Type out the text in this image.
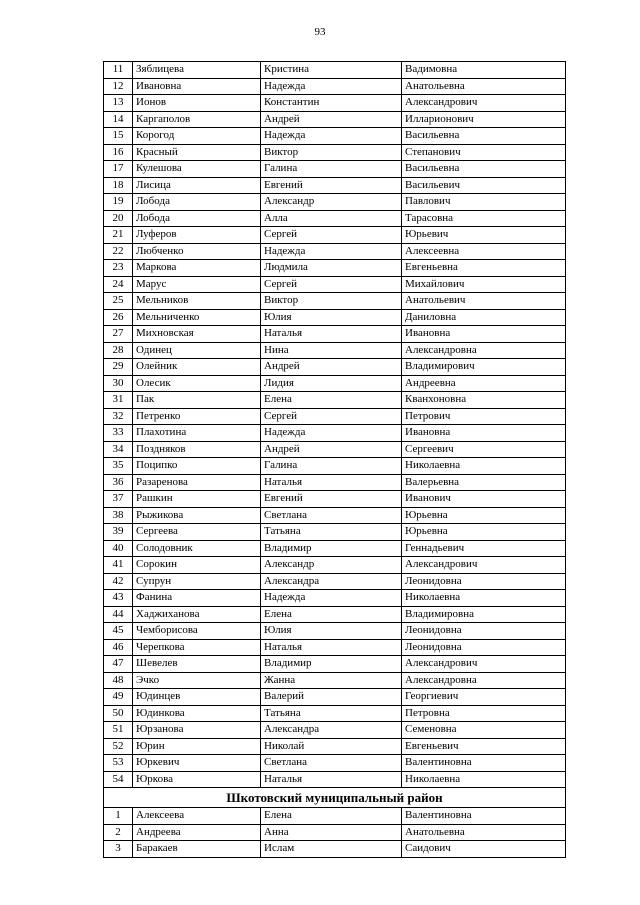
93
11	Зяблицева	Кристина	Вадимовна
12	Ивановна	Надежда	Анатольевна
13	Ионов	Константин	Александрович
14	Каргаполов	Андрей	Илларионович
15	Корогод	Надежда	Васильевна
16	Красный	Виктор	Степанович
17	Кулешова	Галина	Васильевна
18	Лисица	Евгений	Васильевич
19	Лобода	Александр	Павлович
20	Лобода	Алла	Тарасовна
21	Луферов	Сергей	Юрьевич
22	Любченко	Надежда	Алексеевна
23	Маркова	Людмила	Евгеньевна
24	Марус	Сергей	Михайлович
25	Мельников	Виктор	Анатольевич
26	Мельниченко	Юлия	Даниловна
27	Михновская	Наталья	Ивановна
28	Одинец	Нина	Александровна
29	Олейник	Андрей	Владимирович
30	Олесик	Лидия	Андреевна
31	Пак	Елена	Кванхоновна
32	Петренко	Сергей	Петрович
33	Плахотина	Надежда	Ивановна
34	Поздняков	Андрей	Сергеевич
35	Поципко	Галина	Николаевна
36	Разаренова	Наталья	Валерьевна
37	Рашкин	Евгений	Иванович
38	Рыжикова	Светлана	Юрьевна
39	Сергеева	Татьяна	Юрьевна
40	Солодовник	Владимир	Геннадьевич
41	Сорокин	Александр	Александрович
42	Супрун	Александра	Леонидовна
43	Фанина	Надежда	Николаевна
44	Хаджиханова	Елена	Владимировна
45	Чемборисова	Юлия	Леонидовна
46	Черепкова	Наталья	Леонидовна
47	Шевелев	Владимир	Александрович
48	Эчко	Жанна	Александровна
49	Юдинцев	Валерий	Георгиевич
50	Юдинкова	Татьяна	Петровна
51	Юрзанова	Александра	Семеновна
52	Юрин	Николай	Евгеньевич
53	Юркевич	Светлана	Валентиновна
54	Юркова	Наталья	Николаевна
Шкотовский муниципальный район			
1	Алексеева	Елена	Валентиновна
2	Андреева	Анна	Анатольевна
3	Баракаев	Ислам	Саидович
